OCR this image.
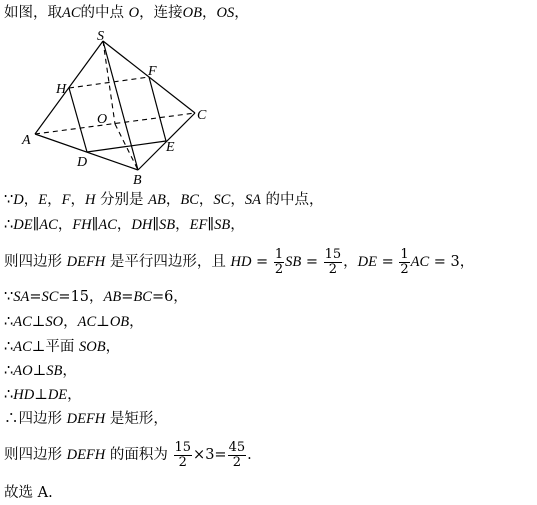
如图，取AC的中点 O，连接OB，OS，
S
H
F
C
O
A
D
E
B
∵D，E，F，H 分别是 AB，BC，SC，SA 的中点，
∴DE∥AC，FH∥AC，DH∥SB，EF∥SB，
则四边形 DEFH 是平行四边形，且 HD = $\frac{1}{2}$ SB = $\frac{15}{2}$ ，DE = $\frac{1}{2}$ AC = 3，
∵SA=SC=15，AB=BC=6，
∴AC⊥SO，AC⊥OB，
∴AC⊥平面 SOB，
∴AO⊥SB，
∴HD⊥DE，
∴四边形 DEFH 是矩形，
则四边形 DEFH 的面积为 $\frac{15}{2} \times 3= \frac{45}{2}$ .
故选 A.
